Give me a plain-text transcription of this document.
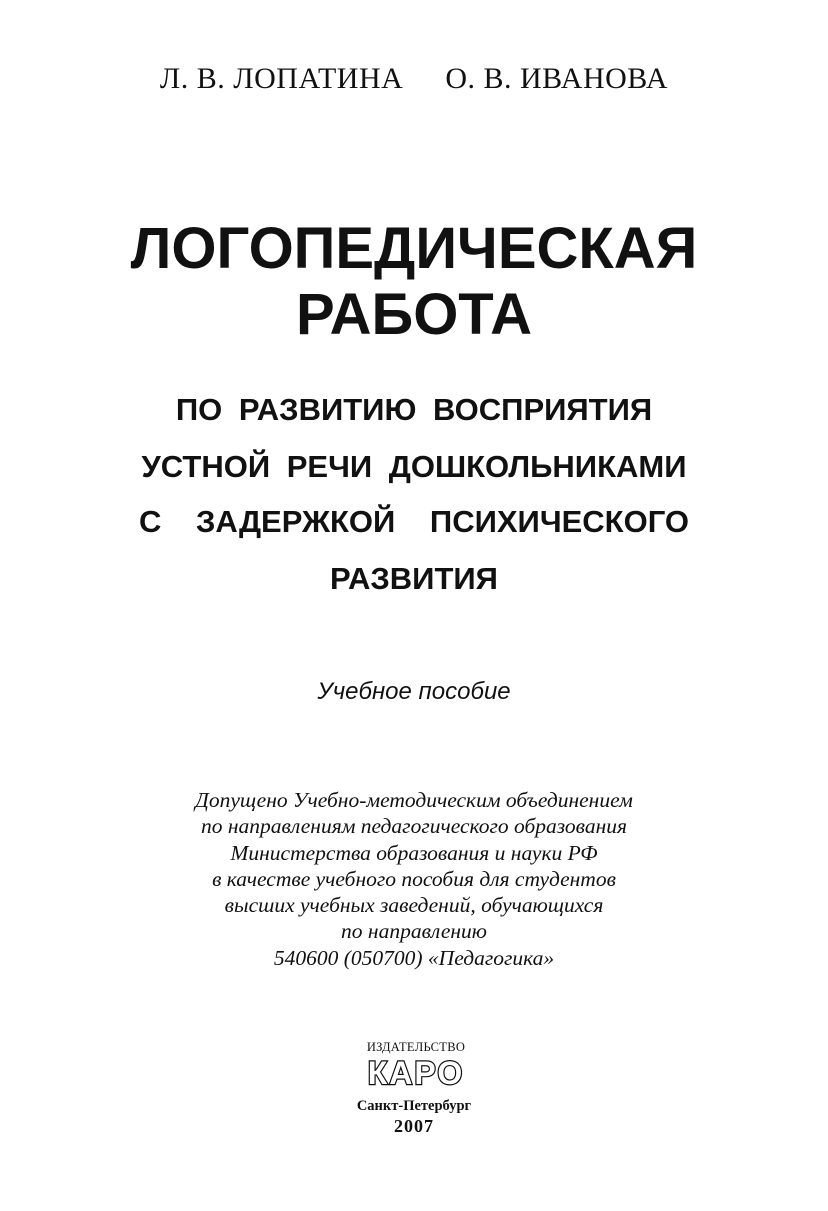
Л. В. ЛОПАТИНА О. В. ИВАНОВА
ЛОГОПЕДИЧЕСКАЯ
РАБОТА
ПО РАЗВИТИЮ ВОСПРИЯТИЯ
УСТНОЙ РЕЧИ ДОШКОЛЬНИКАМИ
С ЗАДЕРЖКОЙ ПСИХИЧЕСКОГО
РАЗВИТИЯ
Учебное пособие
Допущено Учебно-методическим объединением
по направлениям педагогического образования
Министерства образования и науки РФ
в качестве учебного пособия для студентов
высших учебных заведений, обучающихся
по направлению
540600 (050700) «Педагогика»
ИЗДАТЕЛЬСТВО
КАРО
Санкт-Петербург
2007
